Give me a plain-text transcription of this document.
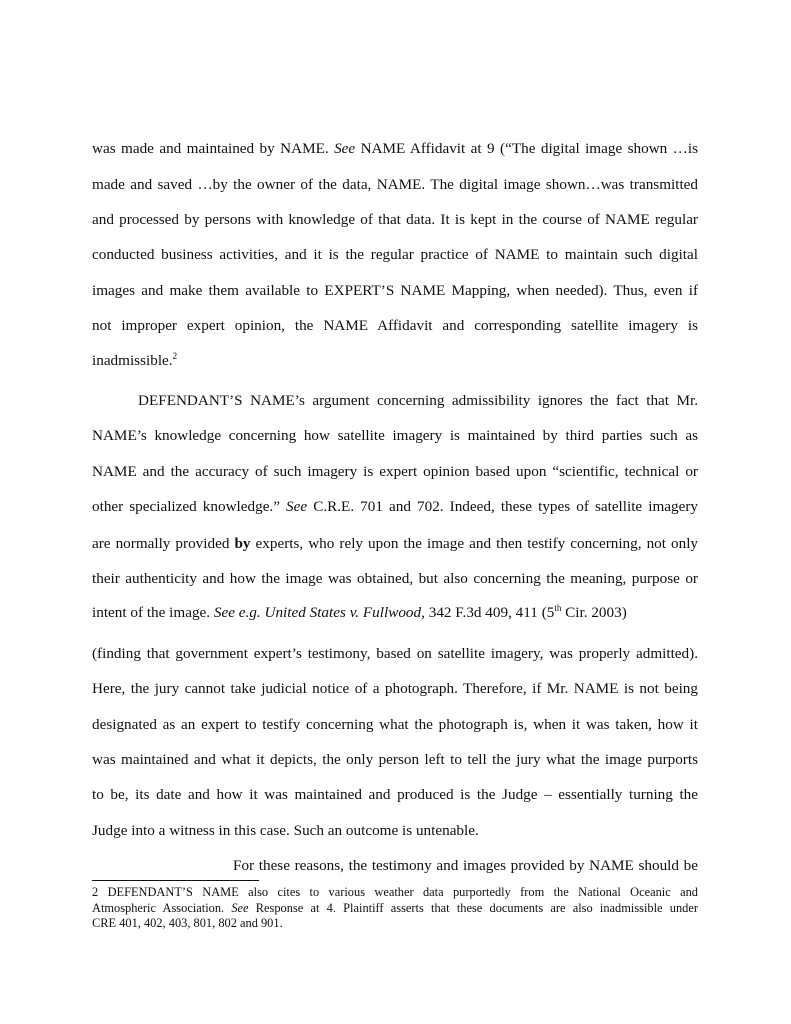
was made and maintained by NAME. See NAME Affidavit at 9 (“The digital image shown …is
made and saved …by the owner of the data, NAME. The digital image shown…was transmitted
and processed by persons with knowledge of that data. It is kept in the course of NAME regular
conducted business activities, and it is the regular practice of NAME to maintain such digital
images and make them available to EXPERT’S NAME Mapping, when needed). Thus, even if
not improper expert opinion, the NAME Affidavit and corresponding satellite imagery is
inadmissible.$^2$
DEFENDANT’S NAME’s argument concerning admissibility ignores the fact that Mr.
NAME’s knowledge concerning how satellite imagery is maintained by third parties such as
NAME and the accuracy of such imagery is expert opinion based upon “scientific, technical or
other specialized knowledge.” See C.R.E. 701 and 702. Indeed, these types of satellite imagery
are normally provided by experts, who rely upon the image and then testify concerning, not only
their authenticity and how the image was obtained, but also concerning the meaning, purpose or
intent of the image. See e.g. United States v. Fullwood, 342 F.3d 409, 411 (5th Cir. 2003)
(finding that government expert’s testimony, based on satellite imagery, was properly admitted).
Here, the jury cannot take judicial notice of a photograph. Therefore, if Mr. NAME is not being
designated as an expert to testify concerning what the photograph is, when it was taken, how it
was maintained and what it depicts, the only person left to tell the jury what the image purports
to be, its date and how it was maintained and produced is the Judge – essentially turning the
Judge into a witness in this case. Such an outcome is untenable.
For these reasons, the testimony and images provided by NAME should be
2 DEFENDANT’S NAME also cites to various weather data purportedly from the National Oceanic and
Atmospheric Association. See Response at 4. Plaintiff asserts that these documents are also inadmissible under
CRE 401, 402, 403, 801, 802 and 901.
